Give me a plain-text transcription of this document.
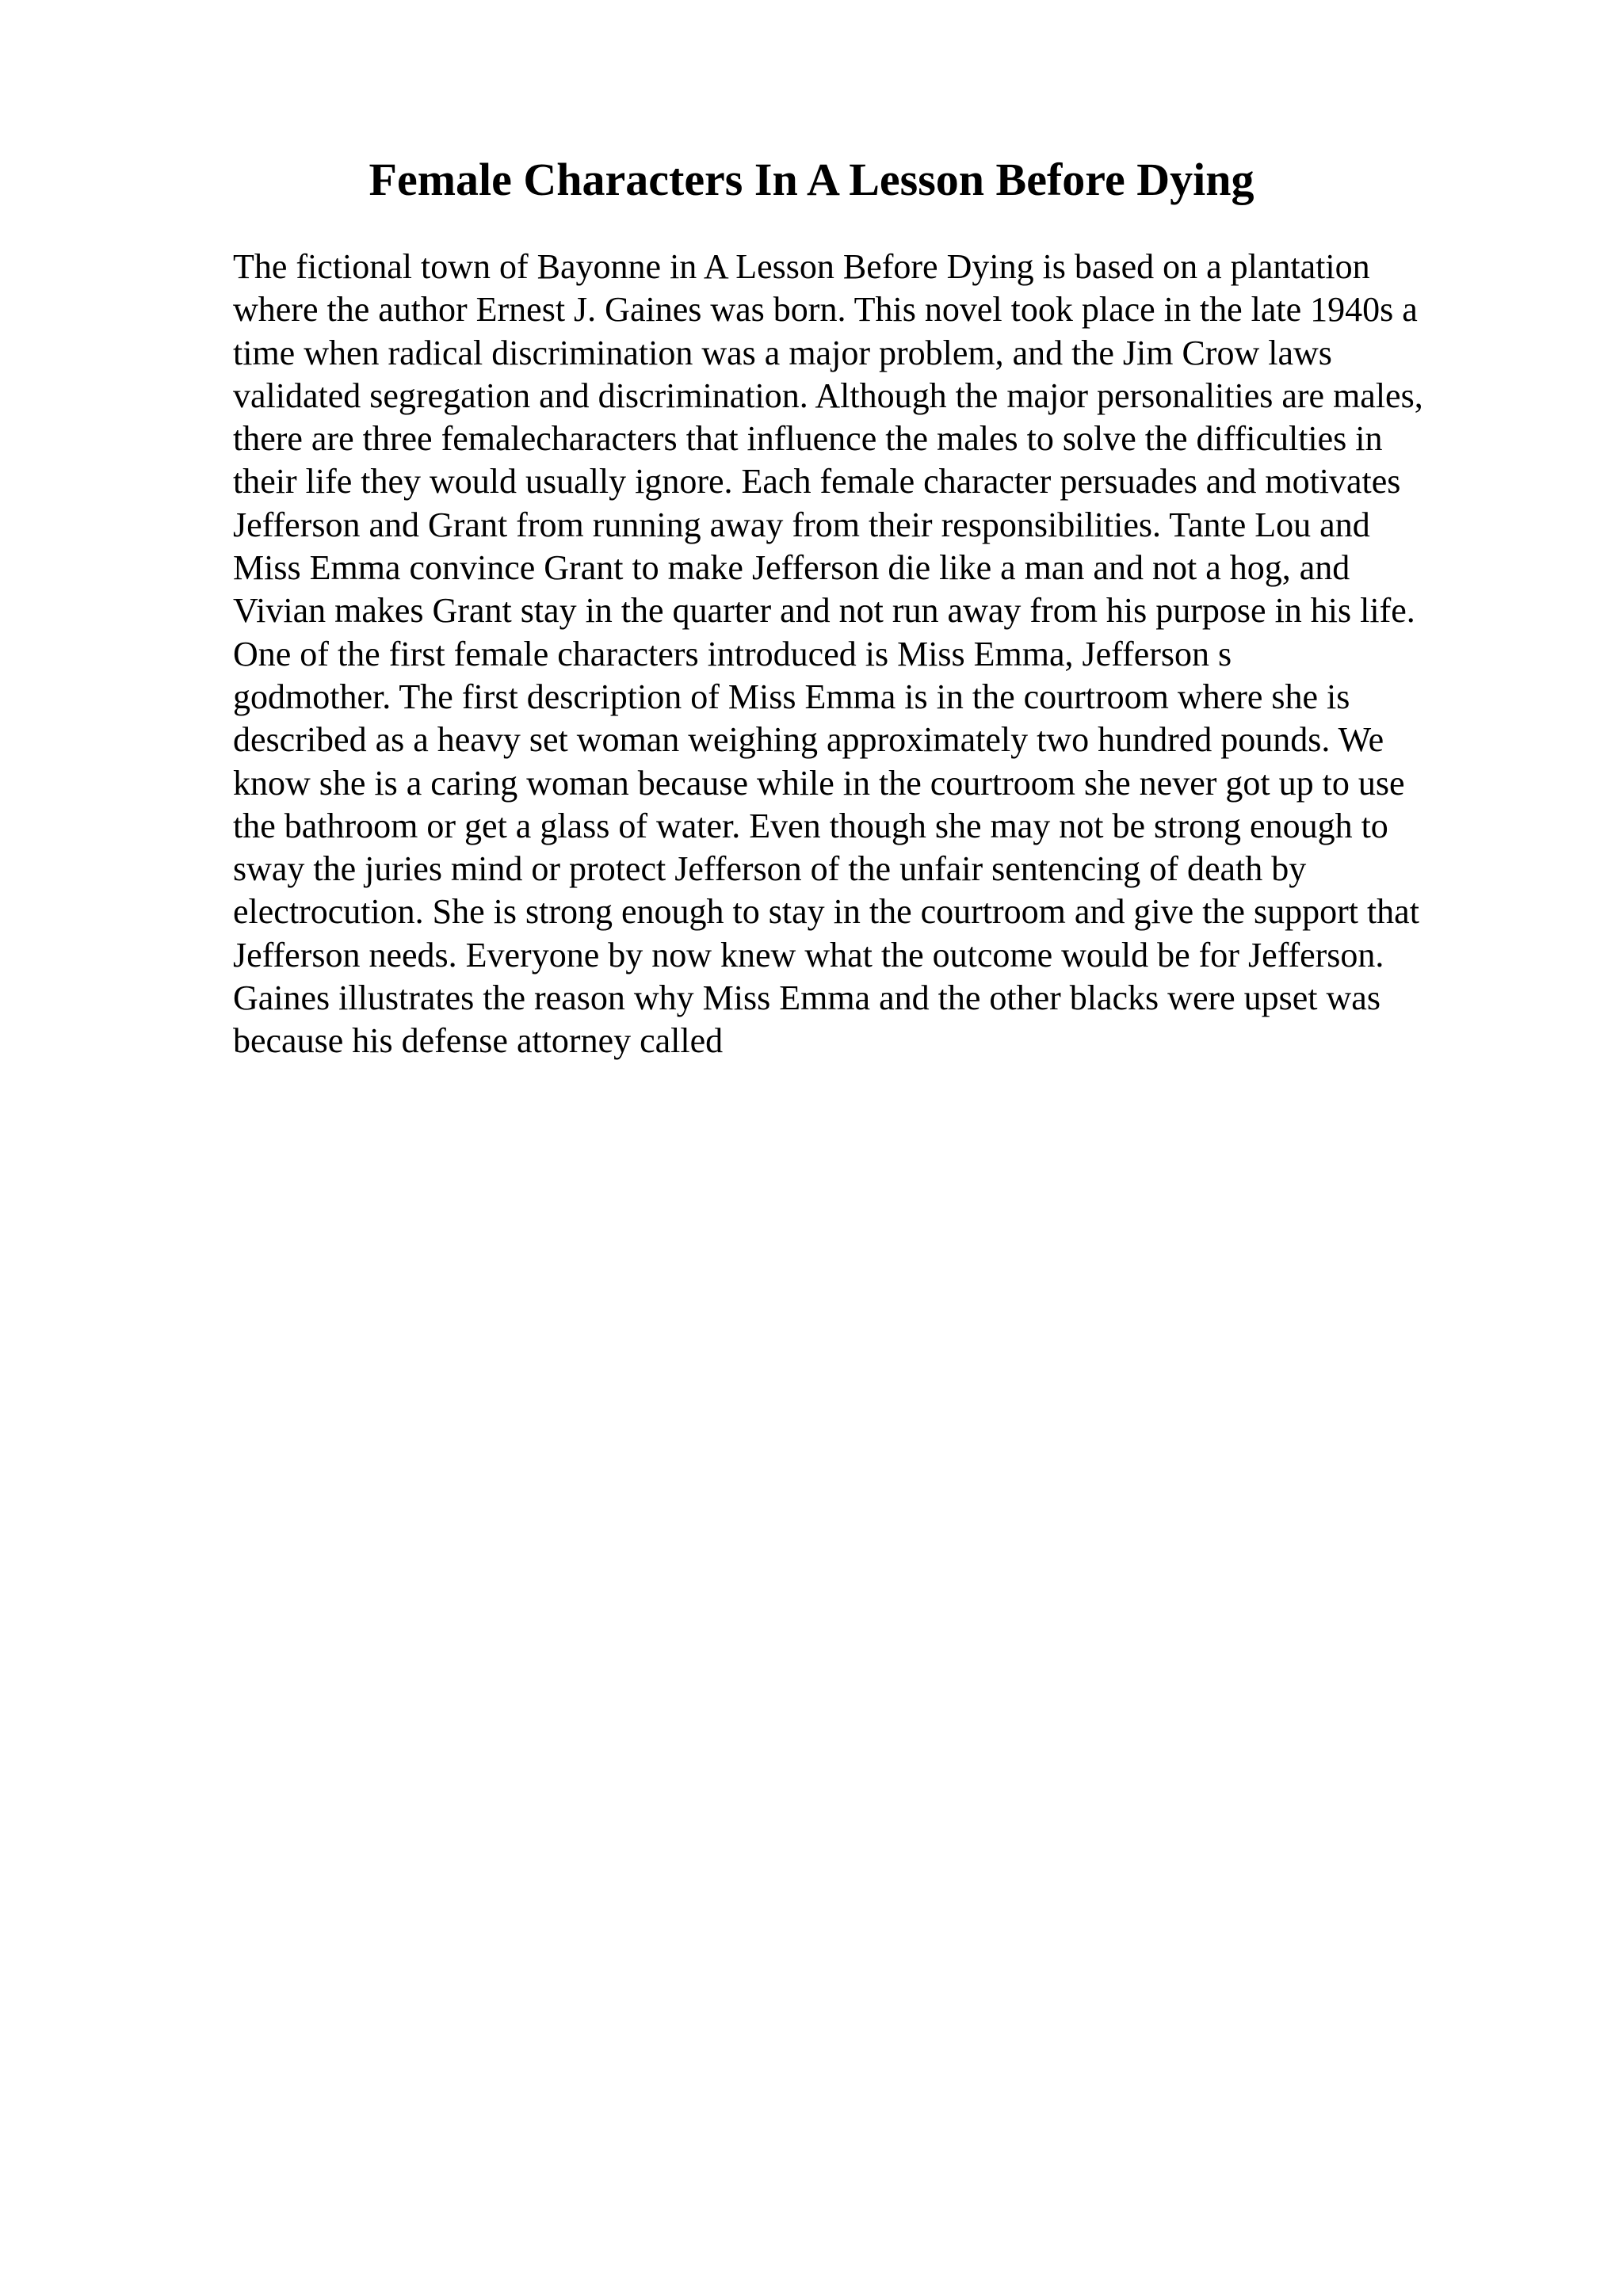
Female Characters In A Lesson Before Dying
The fictional town of Bayonne in A Lesson Before Dying is based on a plantation
where the author Ernest J. Gaines was born. This novel took place in the late 1940s a
time when radical discrimination was a major problem, and the Jim Crow laws
validated segregation and discrimination. Although the major personalities are males,
there are three femalecharacters that influence the males to solve the difficulties in
their life they would usually ignore. Each female character persuades and motivates
Jefferson and Grant from running away from their responsibilities. Tante Lou and
Miss Emma convince Grant to make Jefferson die like a man and not a hog, and
Vivian makes Grant stay in the quarter and not run away from his purpose in his life.
One of the first female characters introduced is Miss Emma, Jefferson s
godmother. The first description of Miss Emma is in the courtroom where she is
described as a heavy set woman weighing approximately two hundred pounds. We
know she is a caring woman because while in the courtroom she never got up to use
the bathroom or get a glass of water. Even though she may not be strong enough to
sway the juries mind or protect Jefferson of the unfair sentencing of death by
electrocution. She is strong enough to stay in the courtroom and give the support that
Jefferson needs. Everyone by now knew what the outcome would be for Jefferson.
Gaines illustrates the reason why Miss Emma and the other blacks were upset was
because his defense attorney called
